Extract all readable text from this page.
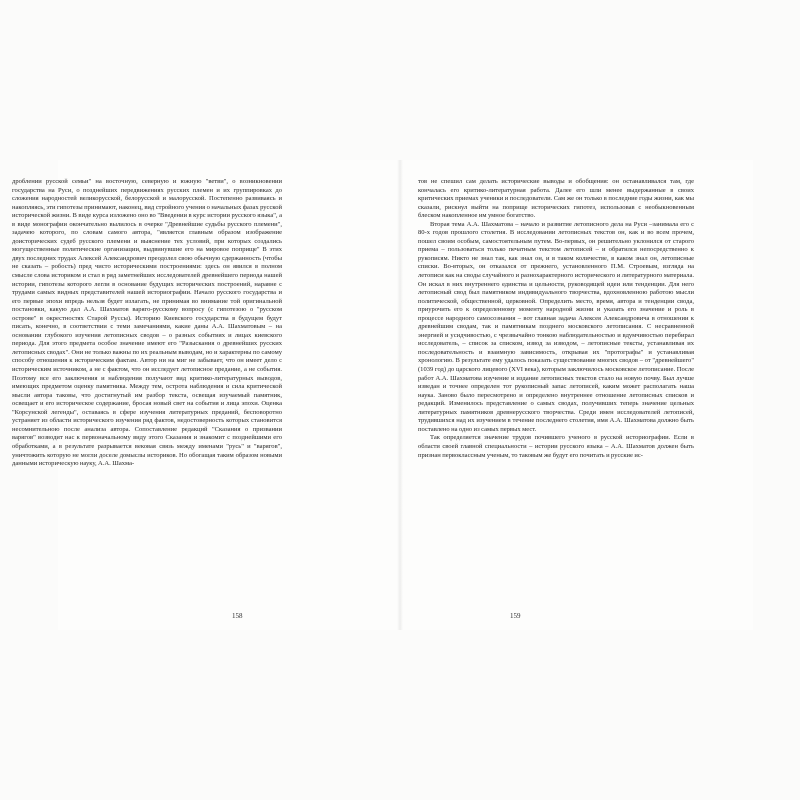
дроблении русской семьи" на восточную, северную и южную "ветви", о возникновении государства на Руси, о позднейших передвижениях русских племен и их группировках до сложения народностей великорусской, белорусской и малорусской. Постепенно развиваясь и накопляясь, эти гипотезы принимают, наконец, вид стройного учения о начальных фазах русской исторической жизни. В виде курса изложено оно во "Введении в курс истории русского языка", а в виде монографии окончательно вылилось в очерке "Древнейшие судьбы русского племени", задачею которого, по словам самого автора, "является главным образом изображение доисторических судеб русского племени и выяснение тех условий, при которых создались могущественные политические организации, выдвинувшие его на мировое поприще" В этих двух последних трудах Алексей Александрович преодолел свою обычную сдержанность (чтобы не сказать – робость) пред чисто историческими построениями: здесь он явился в полном смысле слова историком и стал в ряд заметнейших исследователей древнейшего периода нашей истории, гипотезы которого легли в основание будущих исторических построений, наравне с трудами самых видных представителей нашей историографии. Начало русского государства и его первые эпохи впредь нельзя будет излагать, не принимая во внимание той оригинальной постановки, какую дал А.А. Шахматов варяго-русскому вопросу (с гипотезою о "русском острове" в окрестностях Старой Руссы). Историю Киевского государства в будущем будут писать, конечно, в соответствии с теми замечаниями, какие даны А.А. Шахматовым – на основании глубокого изучения летописных сводов – о разных событиях и лицах киевского периода. Для этого предмета особое значение имеют его "Разыскания о древнейших русских летописных сводах". Они не только важны по их реальным выводам, но и характерны по самому способу отношения к историческим фактам. Автор ни на миг не забывает, что он имеет дело с историческим источником, а не с фактом, что он исследует летописное предание, а не события. Поэтому все его заключения и наблюдения получают вид критико-литературных выводов, имеющих предметом оценку памятника. Между тем, острота наблюдения и сила критической мысли автора таковы, что достигнутый им разбор текста, освещая изучаемый памятник, освещает и его историческое содержание, бросая новый свет на события и лица эпохи. Оценка "Корсунской легенды", оставаясь в сфере изучения литературных преданий, бесповоротно устраняет из области исторического изучения ряд фактов, недостоверность которых становится несомнительною после анализа автора. Сопоставление редакций "Сказания о призвании варягов" возводит нас к первоначальному виду этого Сказания и знакомит с позднейшими его обработками, а в результате разрывается вековая связь между именами "русь" и "варягов", уничтожить которую не могли доселе домыслы историков. Но обогащая таким образом новыми данными историческую науку, А.А. Шахма-

158

тов не спешил сам делать исторические выводы и обобщения: он останавливался там, где кончалась его критико-литературная работа. Далее его шли менее выдержанные в своих критических приемах ученики и последователи. Сам же он только в последние годы жизни, как мы сказали, рискнул выйти на поприще исторических гипотез, использовав с необыкновенным блеском накопленное им умное богатство.

Вторая тема А.А. Шахматова – начало и развитие летописного дела на Руси –занимала его с 80-х годов прошлого столетия. В исследовании летописных текстов он, как и во всем прочем, пошел своим особым, самостоятельным путем. Во-первых, он решительно уклонился от старого приема – пользоваться только печатным текстом летописей – и обратился непосредственно к рукописям. Никто не знал так, как знал он, и в таком количестве, в каком знал он, летописные списки. Во-вторых, он отказался от прежнего, установленного П.М. Строевым, взгляда на летописи как на своды случайного и разнохарактерного исторического и литературного материала. Он искал в них внутреннего единства и цельности, руководящей идеи или тенденции. Для него летописный свод был памятником индивидуального творчества, вдохновленною работою мысли политической, общественной, церковной. Определить место, время, автора и тенденции свода, приурочить его к определенному моменту народной жизни и указать его значение и роль в процессе народного самосознания – вот главная задача Алексея Александровича в отношении к древнейшим сводам, так и памятникам позднего московского летописания. С несравненной энергией и усидчивостью, с чрезвычайно тонкою наблюдательностью и вдумчивостью перебирал исследователь, – список за списком, извод за изводом, – летописные тексты, устанавливая их последовательность и взаимную зависимость, открывая их "протографы" и устанавливая хронологию. В результате ему удалось показать существование многих сводов – от "древнейшего" (1039 год) до царского лицевого (XVI века), которым заключилось московское летописание. После работ А.А. Шахматова изучение и издание летописных текстов стало на новую почву. Был лучше изведан и точнее определен тот рукописный запас летописей, каким может располагать наша наука. Заново было пересмотрено и определено внутреннее отношение летописных списков и редакций. Изменилось представление о самых сводах, получивших теперь значение цельных литературных памятников древнерусского творчества. Среди имен исследователей летописей, трудившихся над их изучением в течение последнего столетия, имя А.А. Шахматова должно быть поставлено на одно из самых первых мест.

Так определяется значение трудов почившего ученого в русской историографии. Если в области своей главной специальности – истории русского языка – А.А. Шахматов должен быть признан первоклассным ученым, то таковым же будут его почитать и русские ис-

159
